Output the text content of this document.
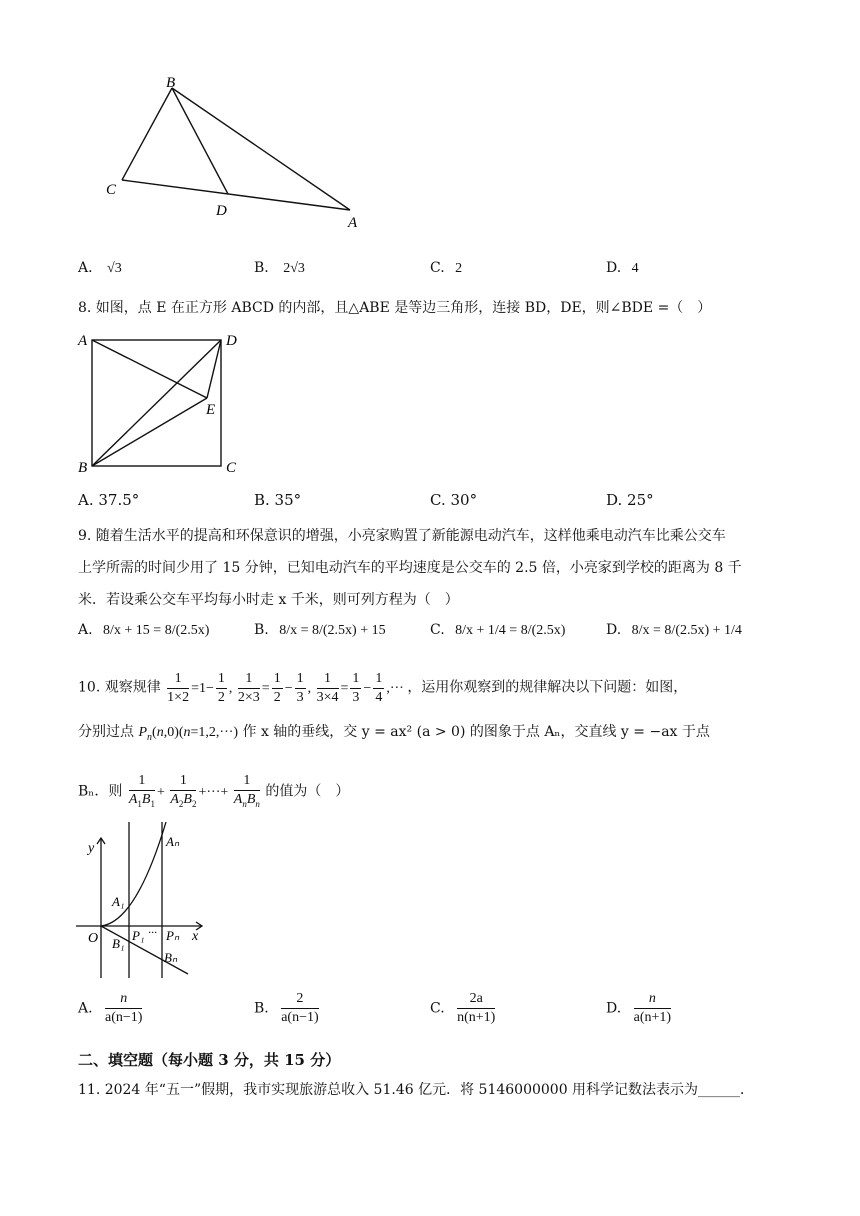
B
C
D
A
A. √3	B. 2√3	C. 2	D. 4
8. 如图，点 E 在正方形 ABCD 的内部，且△ABE 是等边三角形，连接 BD，DE，则∠BDE =（　）
A	D
E
B	C
A. 37.5°	B. 35°	C. 30°	D. 25°
9. 随着生活水平的提高和环保意识的增强，小亮家购置了新能源电动汽车，这样他乘电动汽车比乘公交车
上学所需的时间少用了 15 分钟，已知电动汽车的平均速度是公交车的 2.5 倍，小亮家到学校的距离为 8 千
米．若设乘公交车平均每小时走 x 千米，则可列方程为（　）
A. 8/x + 15 = 8/(2.5x)	B. 8/x = 8/(2.5x) + 15	C. 8/x + 1/4 = 8/(2.5x)	D. 8/x = 8/(2.5x) + 1/4
10. 观察规律 $\frac{1}{1\times 2} =1- \frac{1}{2}$ , $\frac{1}{2\times 3} = \frac{1}{2} - \frac{1}{3}$ , $\frac{1}{3\times 4} = \frac{1}{3} - \frac{1}{4}$ ,··· ，运用你观察到的规律解决以下问题：如图，
分别过点 $P_n(n,0)(n=1,2,\cdot\cdot\cdot)$ 作 x 轴的垂线，交 y = ax² (a > 0) 的图象于点 Aₙ，交直线 y = −ax 于点
Bₙ．则 $\frac{1}{A_1B_1} + \frac{1}{A_2B_2}$ +···+ $\frac{1}{A_nB_n}$ 的值为（　）
y
x
O
Aₙ
A₁
B₁
P₁ ··· Pₙ
Bₙ
A. $\frac{n}{a(n-1)}$	B. $\frac{2}{a(n-1)}$	C. $\frac{2a}{n(n+1)}$	D. $\frac{n}{a(n+1)}$
二、填空题（每小题 3 分，共 15 分）
11. 2024 年“五一”假期，我市实现旅游总收入 51.46 亿元．将 5146000000 用科学记数法表示为______．
